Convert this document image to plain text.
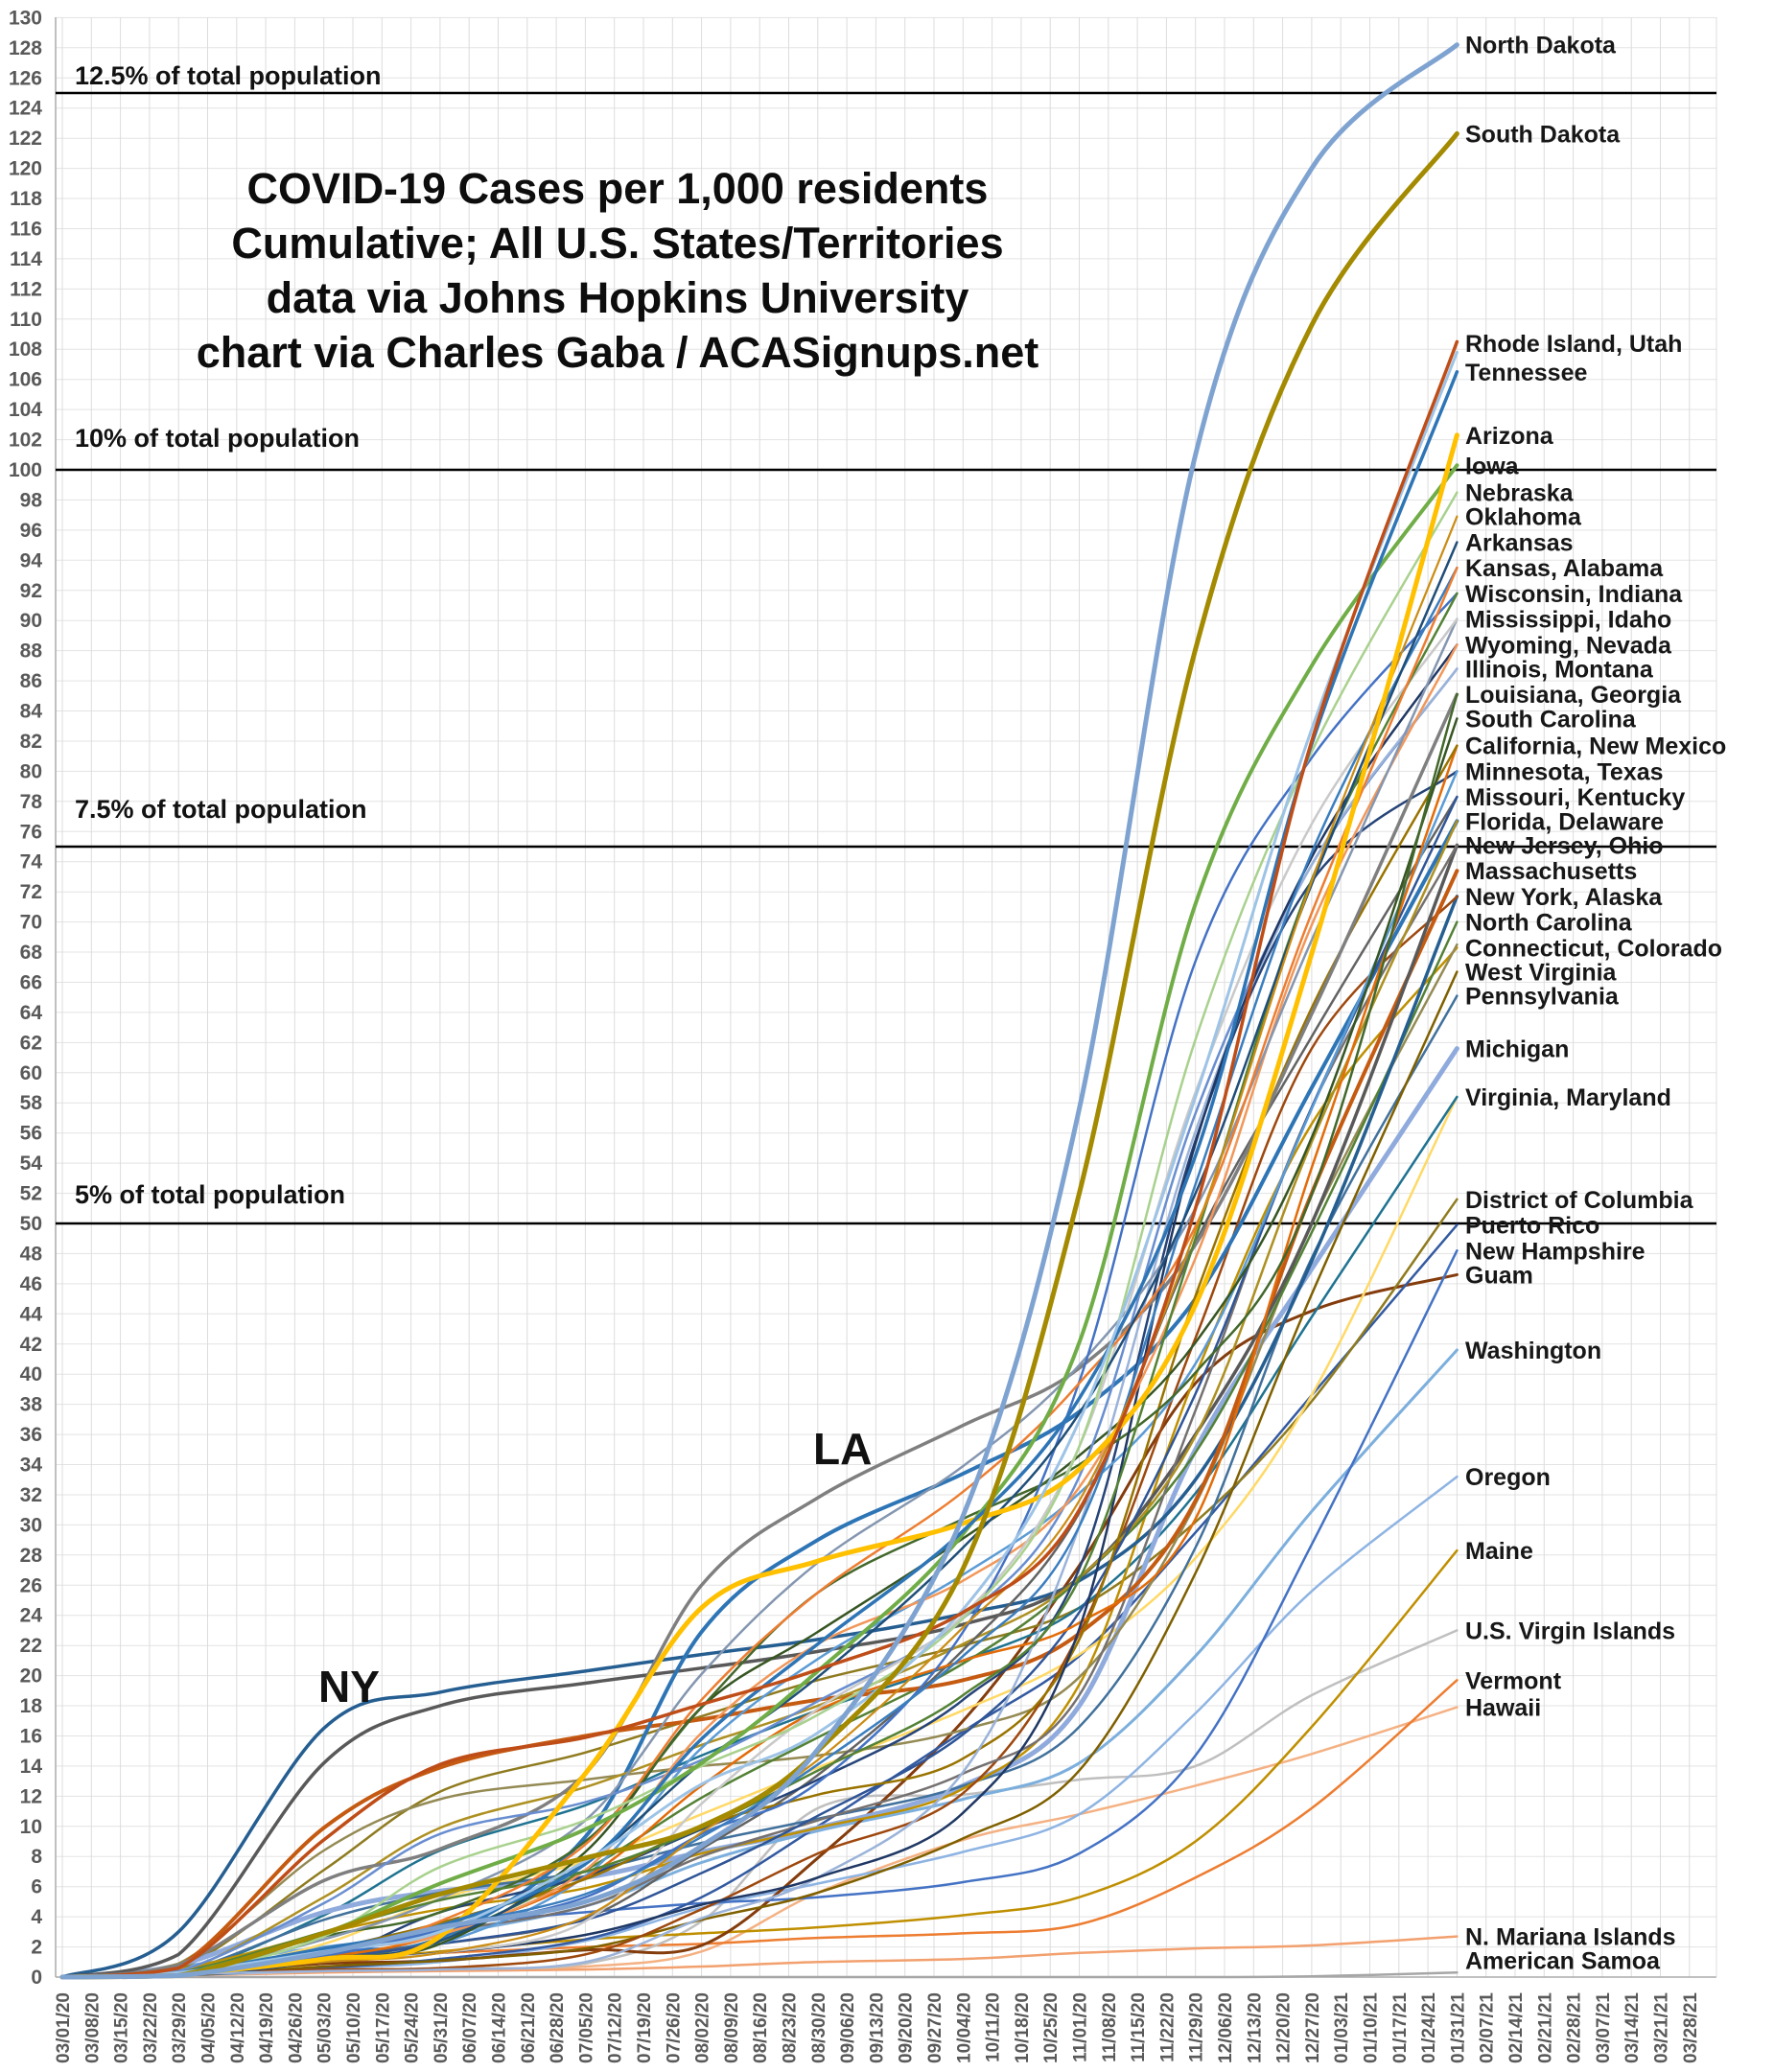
0
2
4
6
8
10
12
14
16
18
20
22
24
26
28
30
32
34
36
38
40
42
44
46
48
50
52
54
56
58
60
62
64
66
68
70
72
74
76
78
80
82
84
86
88
90
92
94
96
98
100
102
104
106
108
110
112
114
116
118
120
122
124
126
128
130
03/01/20 03/08/20 03/15/20 03/22/20 03/29/20 04/05/20 04/12/20 04/19/20 04/26/20 05/03/20 05/10/20 05/17/20 05/24/20 05/31/20 06/07/20 06/14/20 06/21/20 06/28/20 07/05/20 07/12/20 07/19/20 07/26/20 08/02/20 08/09/20 08/16/20 08/23/20 08/30/20 09/06/20 09/13/20 09/20/20 09/27/20 10/04/20 10/11/20 10/18/20 10/25/20 11/01/20 11/08/20 11/15/20 11/22/20 11/29/20 12/06/20 12/13/20 12/20/20 12/27/20 01/03/21 01/10/21 01/17/21 01/24/21 01/31/21 02/07/21 02/14/21 02/21/21 02/28/21 03/07/21 03/14/21 03/21/21 03/28/21
North Dakota
South Dakota
Rhode Island, Utah
Tennessee
Arizona
Iowa
Nebraska
Oklahoma
Arkansas
Kansas, Alabama
Wisconsin, Indiana
Mississippi, Idaho
Wyoming, Nevada
Illinois, Montana
Louisiana, Georgia
South Carolina
California, New Mexico
Minnesota, Texas
Missouri, Kentucky
Florida, Delaware
New Jersey, Ohio
Massachusetts
New York, Alaska
North Carolina
Connecticut, Colorado
West Virginia
Pennsylvania
Michigan
Virginia, Maryland
District of Columbia
Puerto Rico
New Hampshire
Guam
Washington
Oregon
Maine
U.S. Virgin Islands
Vermont
Hawaii
N. Mariana Islands
American Samoa
COVID-19 Cases per 1,000 residents
Cumulative; All U.S. States/Territories
data via Johns Hopkins University
chart via Charles Gaba / ACASignups.net
12.5% of total population
10% of total population
7.5% of total population
5% of total population
NY
LA
